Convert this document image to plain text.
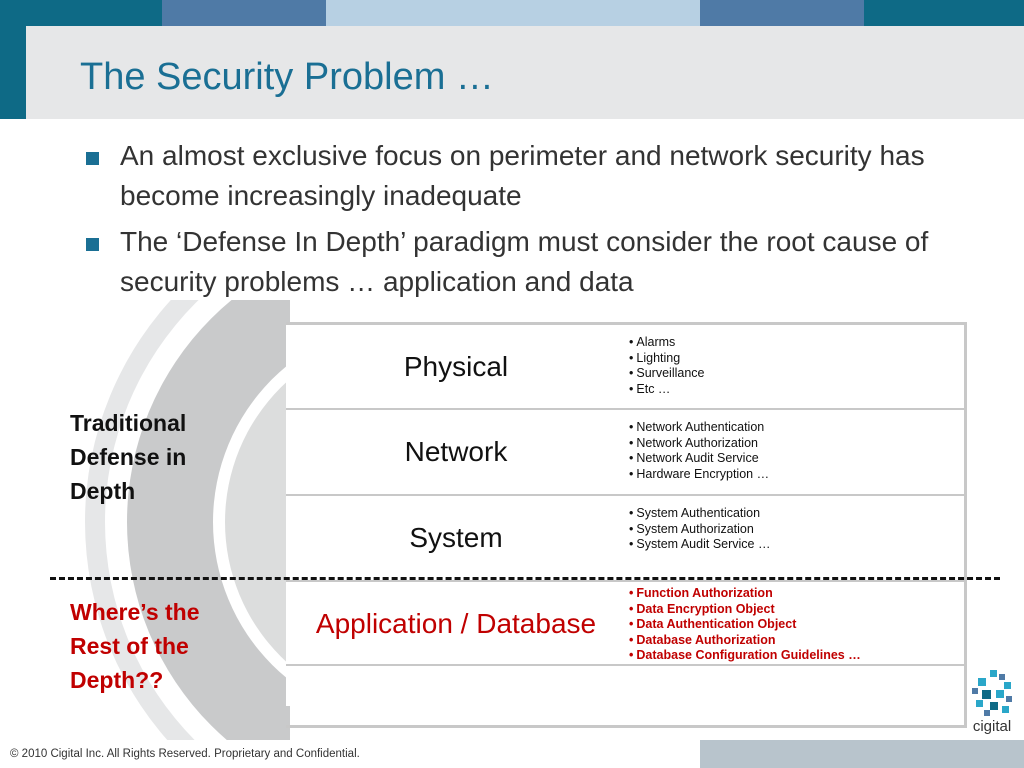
The Security Problem …
An almost exclusive focus on perimeter and network security has become increasingly inadequate
The ‘Defense In Depth’ paradigm must consider the root cause of security problems … application and data
Physical
• Alarms
• Lighting
• Surveillance
• Etc …
Network
• Network Authentication
• Network Authorization
• Network Audit Service
• Hardware Encryption …
System
• System Authentication
• System Authorization
• System Audit Service …
Application / Database
• Function Authorization
• Data Encryption Object
• Data Authentication Object
• Database Authorization
• Database Configuration Guidelines …
Traditional Defense in Depth
Where’s the Rest of the Depth??
© 2010 Cigital Inc. All Rights Reserved. Proprietary and Confidential.
cigital
